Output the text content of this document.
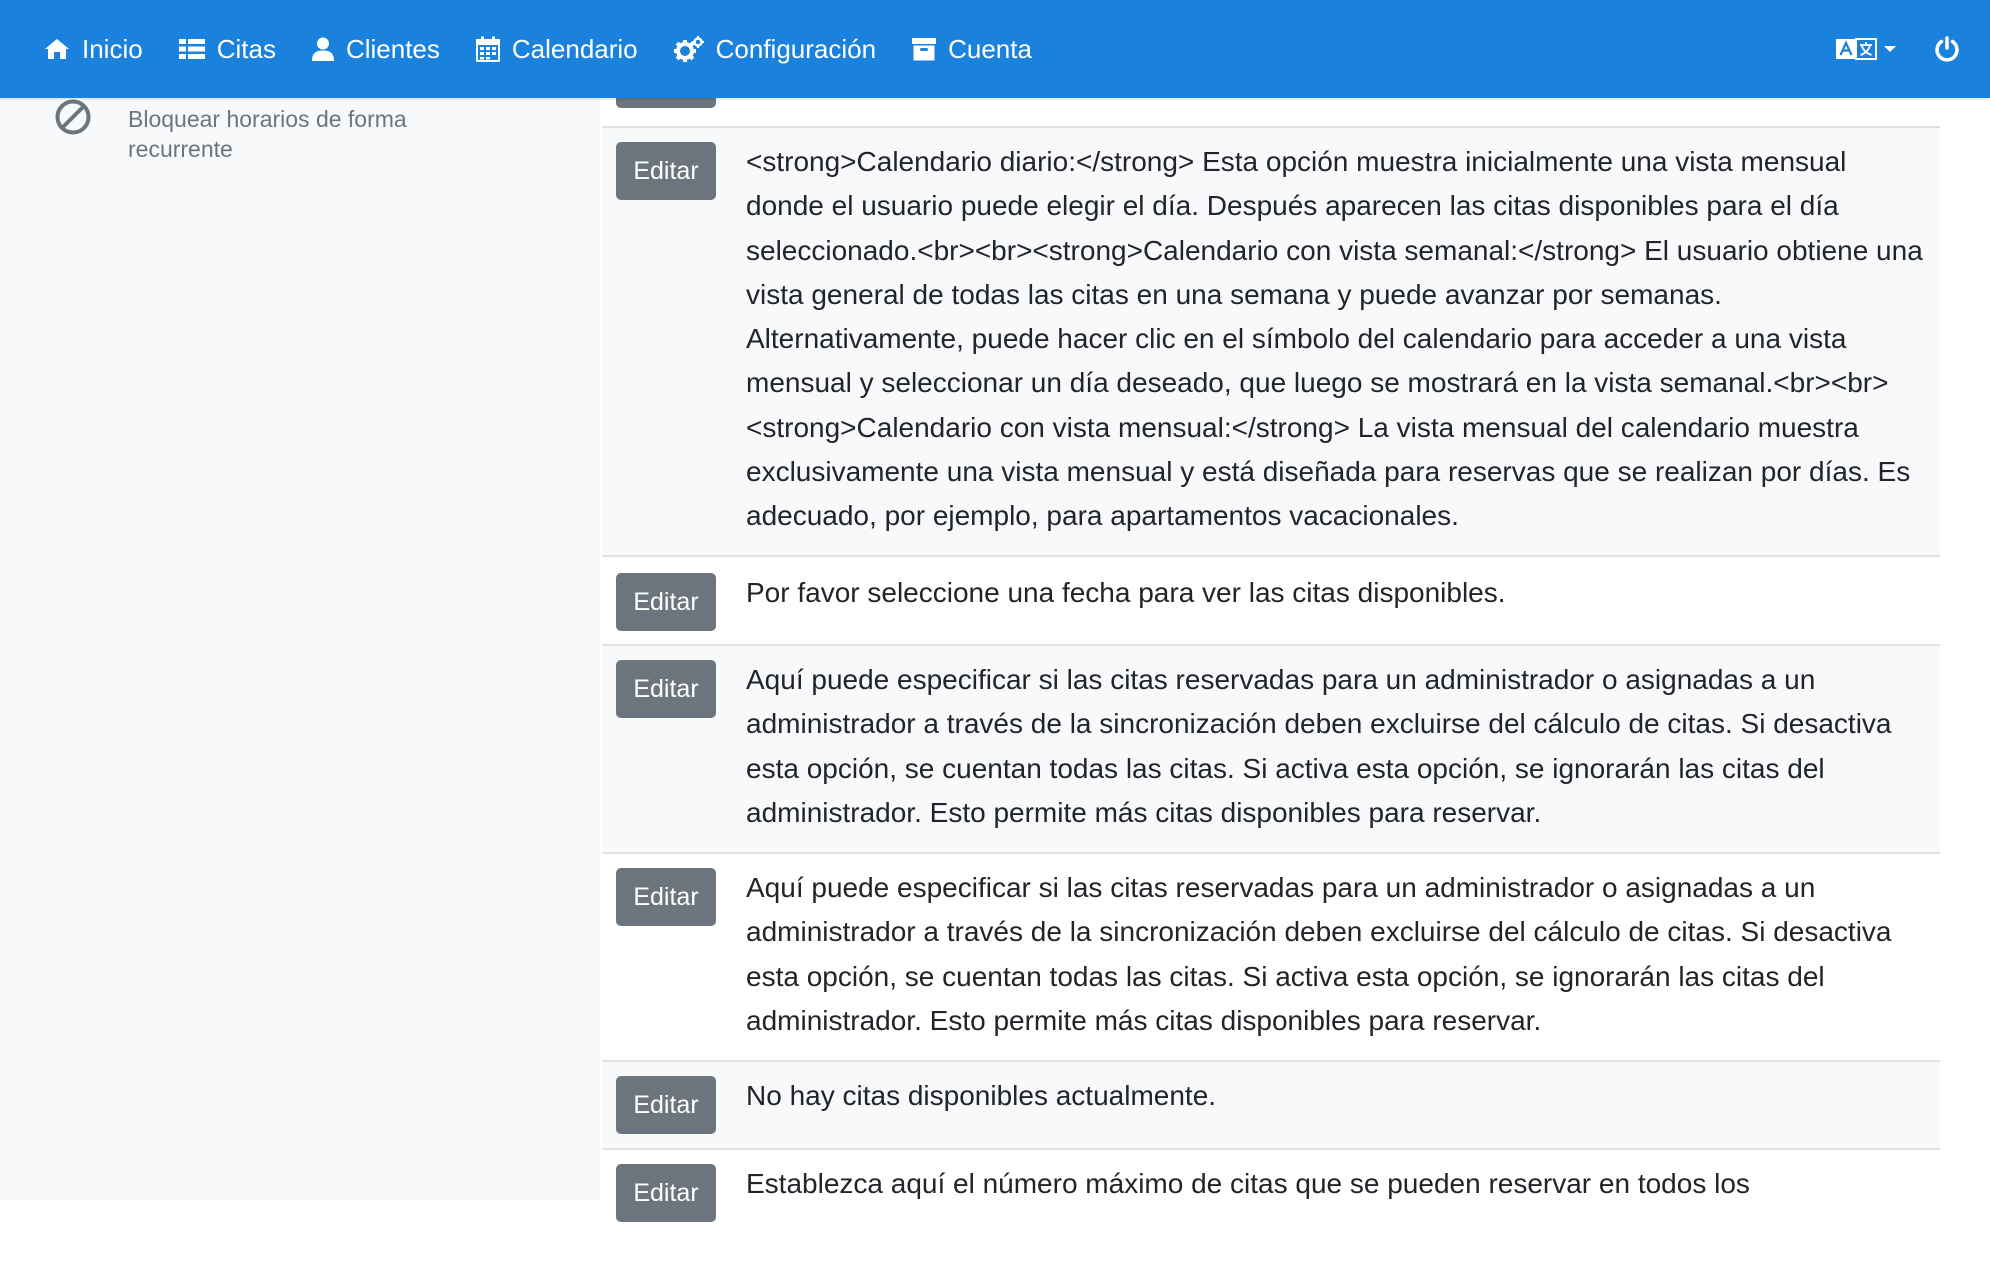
Inicio	Citas	Clientes	Calendario	Configuración	Cuenta
Bloquear horarios de forma recurrente
Editar	<strong>Calendario diario:</strong> Esta opción muestra inicialmente una vista mensual donde el usuario puede elegir el día. Después aparecen las citas disponibles para el día seleccionado.<br><br><strong>Calendario con vista semanal:</strong> El usuario obtiene una vista general de todas las citas en una semana y puede avanzar por semanas. Alternativamente, puede hacer clic en el símbolo del calendario para acceder a una vista mensual y seleccionar un día deseado, que luego se mostrará en la vista semanal.<br><br><strong>Calendario con vista mensual:</strong> La vista mensual del calendario muestra exclusivamente una vista mensual y está diseñada para reservas que se realizan por días. Es adecuado, por ejemplo, para apartamentos vacacionales.
Editar	Por favor seleccione una fecha para ver las citas disponibles.
Editar	Aquí puede especificar si las citas reservadas para un administrador o asignadas a un administrador a través de la sincronización deben excluirse del cálculo de citas. Si desactiva esta opción, se cuentan todas las citas. Si activa esta opción, se ignorarán las citas del administrador. Esto permite más citas disponibles para reservar.
Editar	Aquí puede especificar si las citas reservadas para un administrador o asignadas a un administrador a través de la sincronización deben excluirse del cálculo de citas. Si desactiva esta opción, se cuentan todas las citas. Si activa esta opción, se ignorarán las citas del administrador. Esto permite más citas disponibles para reservar.
Editar	No hay citas disponibles actualmente.
Editar	Establezca aquí el número máximo de citas que se pueden reservar en todos los
